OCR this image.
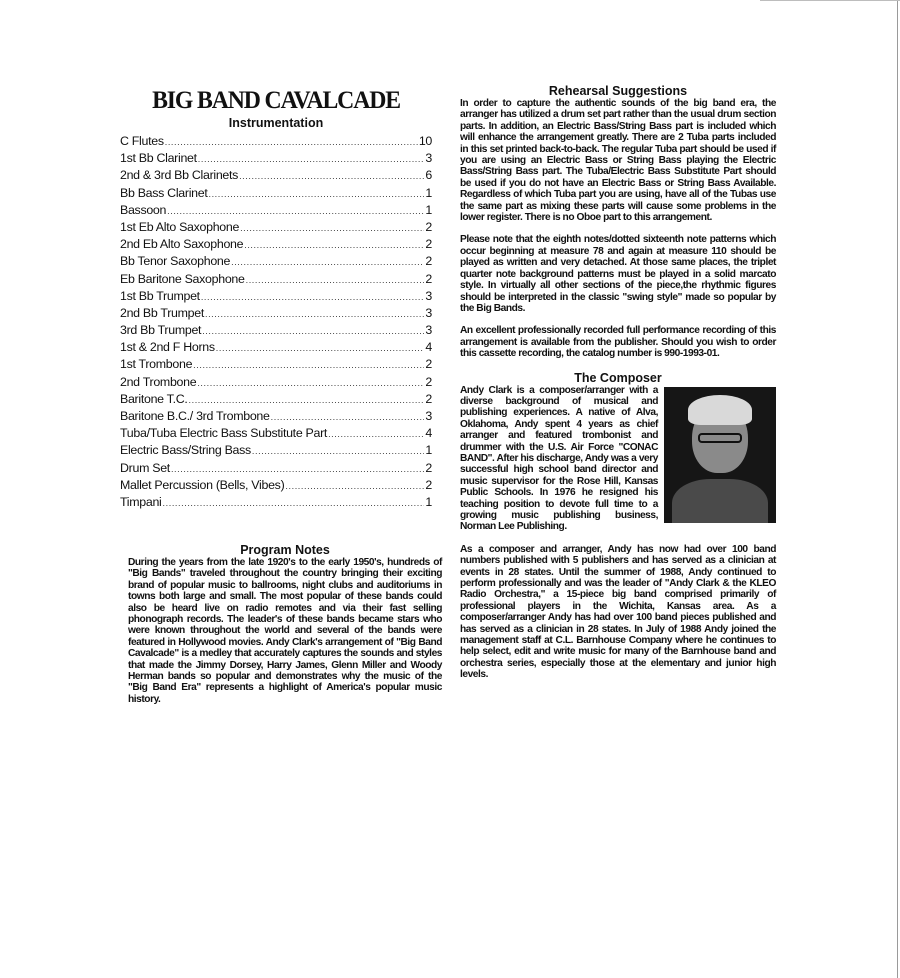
BIG BAND CAVALCADE
Instrumentation
C Flutes .....	10
1st Bb Clarinet .....	3
2nd & 3rd Bb Clarinets .....	6
Bb Bass Clarinet .....	1
Bassoon .....	1
1st Eb Alto Saxophone .....	2
2nd Eb Alto Saxophone .....	2
Bb Tenor Saxophone .....	2
Eb Baritone Saxophone .....	2
1st Bb Trumpet .....	3
2nd Bb Trumpet .....	3
3rd Bb Trumpet .....	3
1st & 2nd F Horns .....	4
1st Trombone .....	2
2nd Trombone .....	2
Baritone T.C. .....	2
Baritone B.C./ 3rd Trombone .....	3
Tuba/Tuba Electric Bass Substitute Part .....	4
Electric Bass/String Bass .....	1
Drum Set .....	2
Mallet Percussion (Bells, Vibes) .....	2
Timpani .....	1
Program Notes

During the years from the late 1920's to the early 1950's, hundreds of "Big Bands" traveled throughout the country bringing their exciting brand of popular music to ballrooms, night clubs and auditoriums in towns both large and small. The most popular of these bands could also be heard live on radio remotes and via their fast selling phonograph records. The leader's of these bands became stars who were known throughout the world and several of the bands were featured in Hollywood movies. Andy Clark's arrangement of "Big Band Cavalcade" is a medley that accurately captures the sounds and styles that made the Jimmy Dorsey, Harry James, Glenn Miller and Woody Herman bands so popular and demonstrates why the music of the "Big Band Era" represents a highlight of America's popular music history.

Rehearsal Suggestions

In order to capture the authentic sounds of the big band era, the arranger has utilized a drum set part rather than the usual drum section parts. In addition, an Electric Bass/String Bass part is included which will enhance the arrangement greatly. There are 2 Tuba parts included in this set printed back-to-back. The regular Tuba part should be used if you are using an Electric Bass or String Bass playing the Electric Bass/String Bass part. The Tuba/Electric Bass Substitute Part should be used if you do not have an Electric Bass or String Bass Available. Regardless of which Tuba part you are using, have all of the Tubas use the same part as mixing these parts will cause some problems in the lower register. There is no Oboe part to this arrangement.

Please note that the eighth notes/dotted sixteenth note patterns which occur beginning at measure 78 and again at measure 110 should be played as written and very detached. At those same places, the triplet quarter note background patterns must be played in a solid marcato style. In virtually all other sections of the piece,the rhythmic figures should be interpreted in the classic "swing style" made so popular by the Big Bands.

An excellent professionally recorded full performance recording of this arrangement is available from the publisher. Should you wish to order this cassette recording, the catalog number is 990-1993-01.

The Composer

Andy Clark is a composer/arranger with a diverse background of musical and publishing experiences. A native of Alva, Oklahoma, Andy spent 4 years as chief arranger and featured trombonist and drummer with the U.S. Air Force "CONAC BAND". After his discharge, Andy was a very successful high school band director and music supervisor for the Rose Hill, Kansas Public Schools. In 1976 he resigned his teaching position to devote full time to a growing music publishing business, Norman Lee Publishing.

As a composer and arranger, Andy has now had over 100 band numbers published with 5 publishers and has served as a clinician at events in 28 states. Until the summer of 1988, Andy continued to perform professionally and was the leader of "Andy Clark & the KLEO Radio Orchestra," a 15-piece big band comprised primarily of professional players in the Wichita, Kansas area. As a composer/arranger Andy has had over 100 band pieces published and has served as a clinician in 28 states. In July of 1988 Andy joined the management staff at C.L. Barnhouse Company where he continues to help select, edit and write music for many of the Barnhouse band and orchestra series, especially those at the elementary and junior high levels.
